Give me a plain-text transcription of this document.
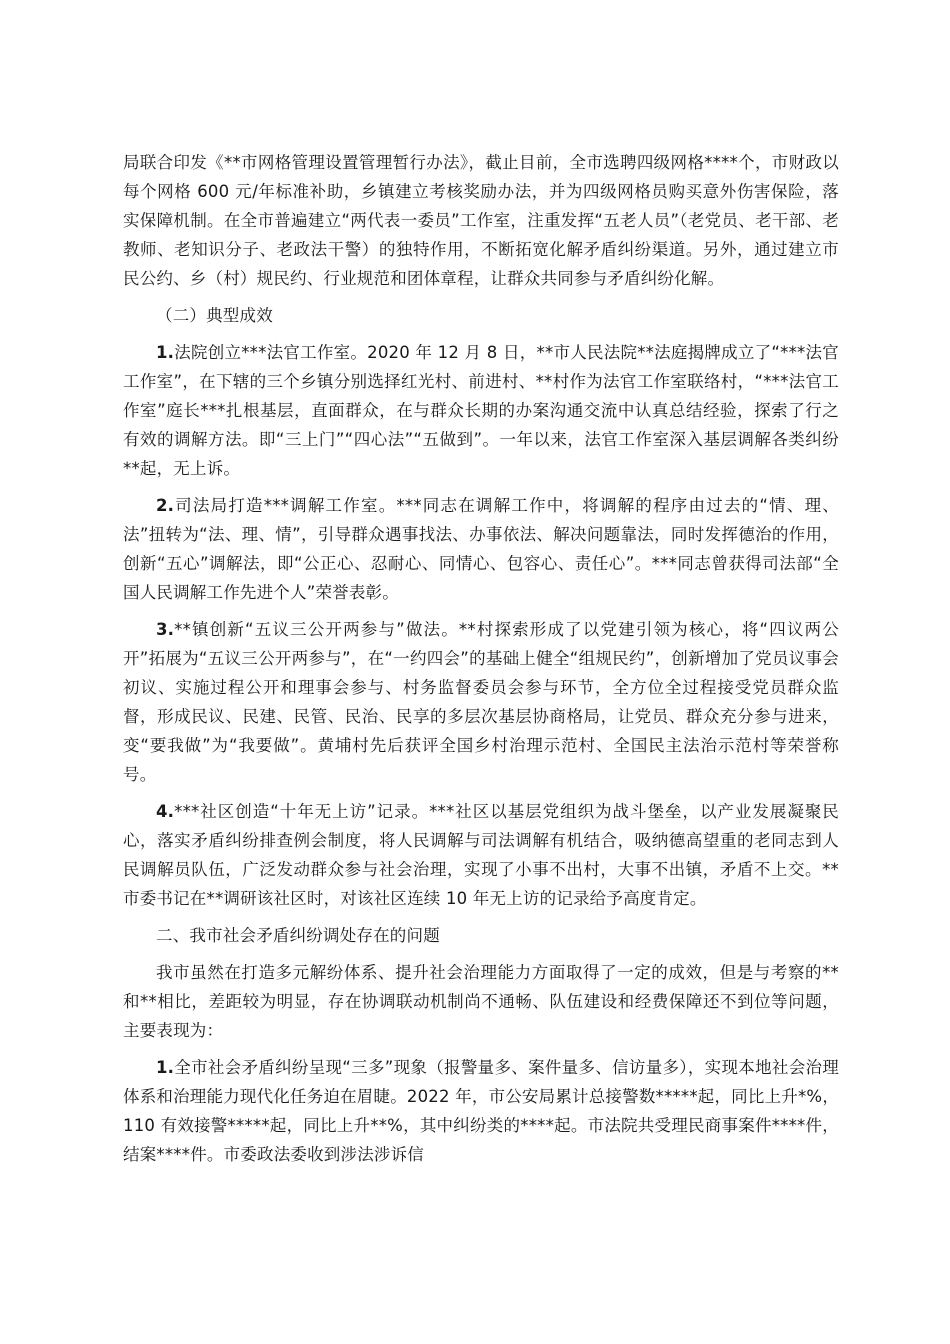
局联合印发《**市网格管理设置管理暂行办法》，截止目前，全市选聘四级网格****个，市财政以每个网格 600 元/年标准补助，乡镇建立考核奖励办法，并为四级网格员购买意外伤害保险，落实保障机制。在全市普遍建立“两代表一委员”工作室，注重发挥“五老人员”（老党员、老干部、老教师、老知识分子、老政法干警）的独特作用，不断拓宽化解矛盾纠纷渠道。另外，通过建立市民公约、乡（村）规民约、行业规范和团体章程，让群众共同参与矛盾纠纷化解。

（二）典型成效

1.法院创立***法官工作室。2020 年 12 月 8 日，**市人民法院**法庭揭牌成立了“***法官工作室”，在下辖的三个乡镇分别选择红光村、前进村、**村作为法官工作室联络村，“***法官工作室”庭长***扎根基层，直面群众，在与群众长期的办案沟通交流中认真总结经验，探索了行之有效的调解方法。即“三上门”“四心法”“五做到”。一年以来，法官工作室深入基层调解各类纠纷**起，无上诉。

2.司法局打造***调解工作室。***同志在调解工作中，将调解的程序由过去的“情、理、法”扭转为“法、理、情”，引导群众遇事找法、办事依法、解决问题靠法，同时发挥德治的作用，创新“五心”调解法，即“公正心、忍耐心、同情心、包容心、责任心”。***同志曾获得司法部“全国人民调解工作先进个人”荣誉表彰。

3.**镇创新“五议三公开两参与”做法。**村探索形成了以党建引领为核心，将“四议两公开”拓展为“五议三公开两参与”，在“一约四会”的基础上健全“组规民约”，创新增加了党员议事会初议、实施过程公开和理事会参与、村务监督委员会参与环节，全方位全过程接受党员群众监督，形成民议、民建、民管、民治、民享的多层次基层协商格局，让党员、群众充分参与进来，变“要我做”为“我要做”。黄埔村先后获评全国乡村治理示范村、全国民主法治示范村等荣誉称号。

4.***社区创造“十年无上访”记录。***社区以基层党组织为战斗堡垒，以产业发展凝聚民心，落实矛盾纠纷排查例会制度，将人民调解与司法调解有机结合，吸纳德高望重的老同志到人民调解员队伍，广泛发动群众参与社会治理，实现了小事不出村，大事不出镇，矛盾不上交。**市委书记在**调研该社区时，对该社区连续 10 年无上访的记录给予高度肯定。

二、我市社会矛盾纠纷调处存在的问题

我市虽然在打造多元解纷体系、提升社会治理能力方面取得了一定的成效，但是与考察的**和**相比，差距较为明显，存在协调联动机制尚不通畅、队伍建设和经费保障还不到位等问题，主要表现为：

1.全市社会矛盾纠纷呈现“三多”现象（报警量多、案件量多、信访量多），实现本地社会治理体系和治理能力现代化任务迫在眉睫。2022 年，市公安局累计总接警数*****起，同比上升*%，110 有效接警*****起，同比上升**%，其中纠纷类的****起。市法院共受理民商事案件****件，结案****件。市委政法委收到涉法涉诉信
